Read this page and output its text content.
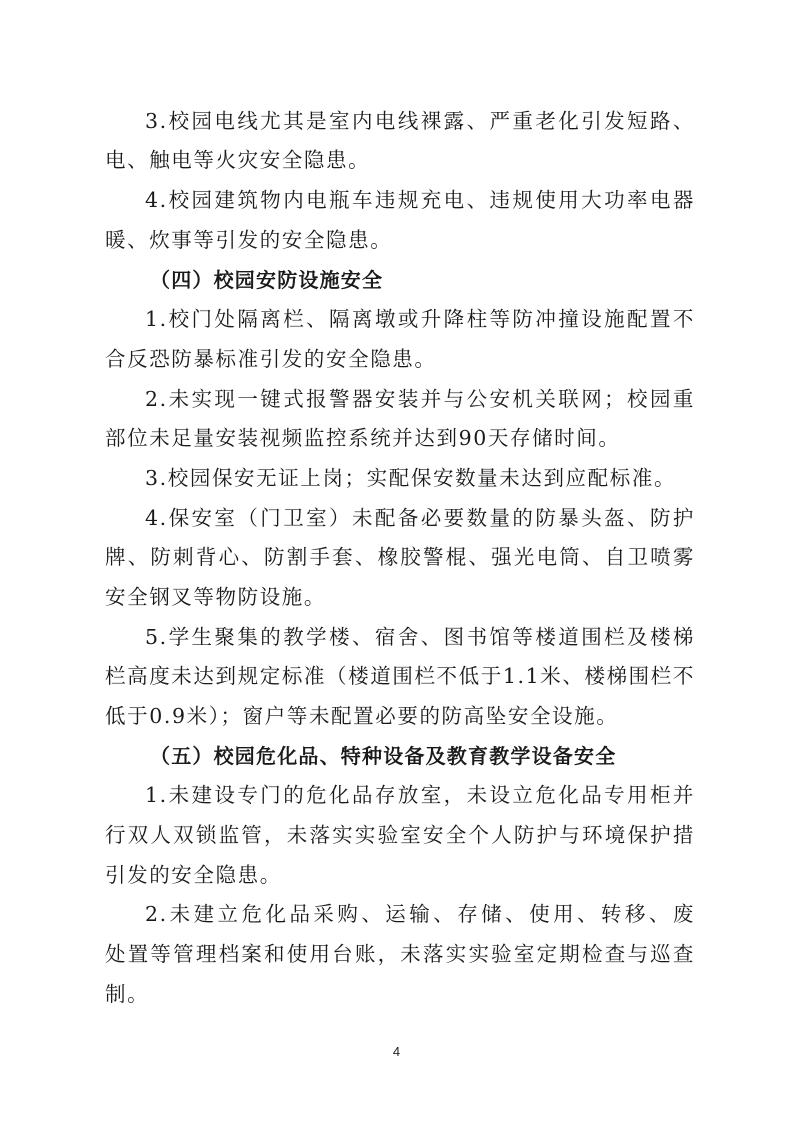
3.校园电线尤其是室内电线裸露、严重老化引发短路、
电、触电等火灾安全隐患。
4.校园建筑物内电瓶车违规充电、违规使用大功率电器
暖、炊事等引发的安全隐患。
（四）校园安防设施安全
1.校门处隔离栏、隔离墩或升降柱等防冲撞设施配置不
合反恐防暴标准引发的安全隐患。
2.未实现一键式报警器安装并与公安机关联网；校园重
部位未足量安装视频监控系统并达到90天存储时间。
3.校园保安无证上岗；实配保安数量未达到应配标准。
4.保安室（门卫室）未配备必要数量的防暴头盔、防护
牌、防刺背心、防割手套、橡胶警棍、强光电筒、自卫喷雾
安全钢叉等物防设施。
5.学生聚集的教学楼、宿舍、图书馆等楼道围栏及楼梯
栏高度未达到规定标准（楼道围栏不低于1.1米、楼梯围栏不
低于0.9米）；窗户等未配置必要的防高坠安全设施。
（五）校园危化品、特种设备及教育教学设备安全
1.未建设专门的危化品存放室，未设立危化品专用柜并
行双人双锁监管，未落实实验室安全个人防护与环境保护措
引发的安全隐患。
2.未建立危化品采购、运输、存储、使用、转移、废
处置等管理档案和使用台账，未落实实验室定期检查与巡查
制。
4
